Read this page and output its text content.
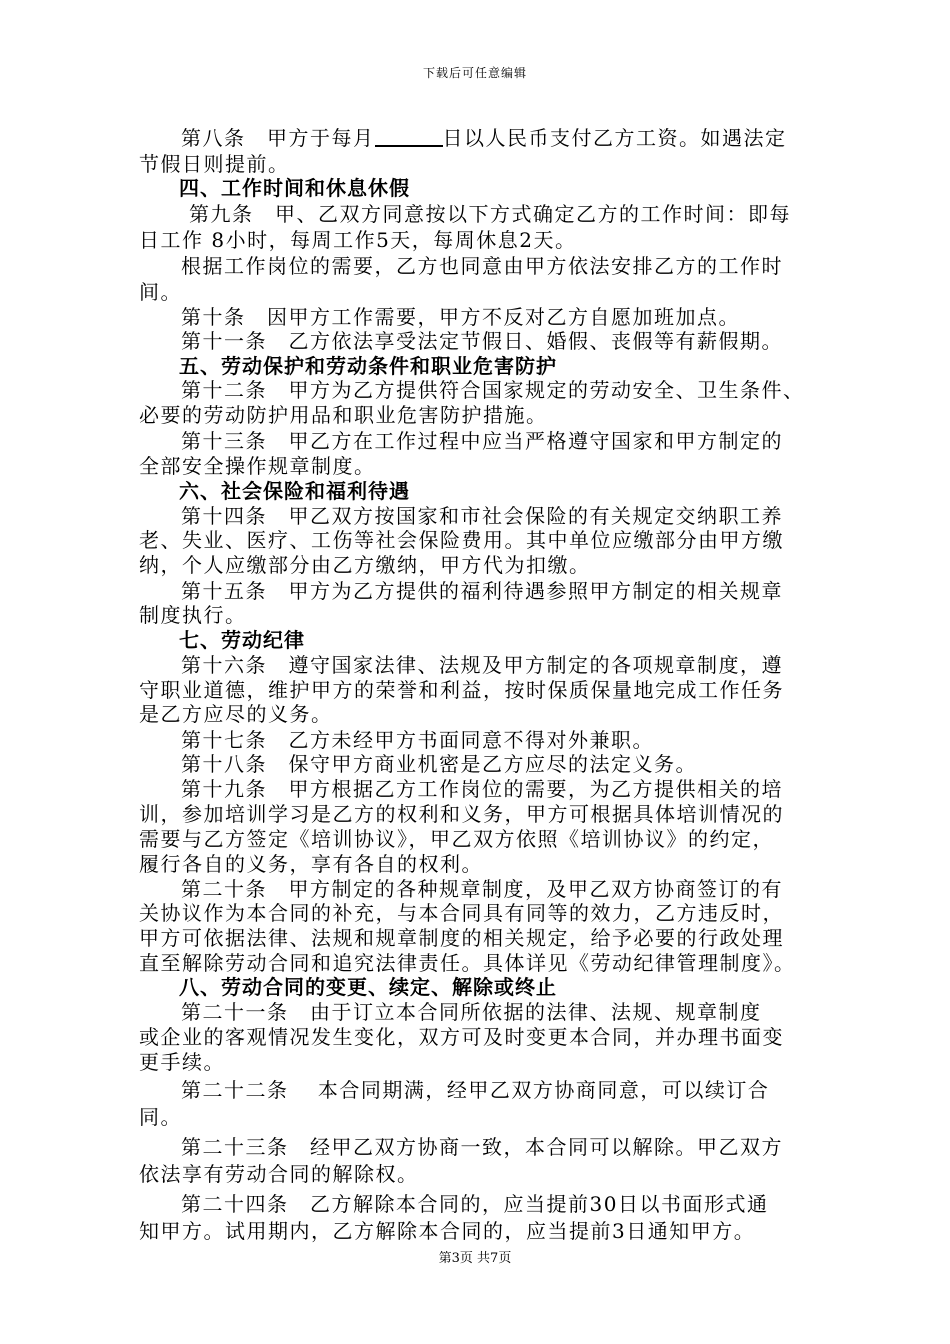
下载后可任意编辑
第八条　甲方于每月	日以人民币支付乙方工资。如遇法定
节假日则提前。
四、工作时间和休息休假
第九条　甲、乙双方同意按以下方式确定乙方的工作时间：即每
日工作 8小时，每周工作5天，每周休息2天。
根据工作岗位的需要，乙方也同意由甲方依法安排乙方的工作时
间。
第十条　因甲方工作需要，甲方不反对乙方自愿加班加点。
第十一条　乙方依法享受法定节假日、婚假、丧假等有薪假期。
五、劳动保护和劳动条件和职业危害防护
第十二条　甲方为乙方提供符合国家规定的劳动安全、卫生条件、
必要的劳动防护用品和职业危害防护措施。
第十三条　甲乙方在工作过程中应当严格遵守国家和甲方制定的
全部安全操作规章制度。
六、社会保险和福利待遇
第十四条　甲乙双方按国家和市社会保险的有关规定交纳职工养
老、失业、医疗、工伤等社会保险费用。其中单位应缴部分由甲方缴
纳，个人应缴部分由乙方缴纳，甲方代为扣缴。
第十五条　甲方为乙方提供的福利待遇参照甲方制定的相关规章
制度执行。
七、劳动纪律
第十六条　遵守国家法律、法规及甲方制定的各项规章制度，遵
守职业道德，维护甲方的荣誉和利益，按时保质保量地完成工作任务
是乙方应尽的义务。
第十七条　乙方未经甲方书面同意不得对外兼职。
第十八条　保守甲方商业机密是乙方应尽的法定义务。
第十九条　甲方根据乙方工作岗位的需要，为乙方提供相关的培
训，参加培训学习是乙方的权利和义务，甲方可根据具体培训情况的
需要与乙方签定《培训协议》，甲乙双方依照《培训协议》的约定，
履行各自的义务，享有各自的权利。
第二十条　甲方制定的各种规章制度，及甲乙双方协商签订的有
关协议作为本合同的补充，与本合同具有同等的效力，乙方违反时，
甲方可依据法律、法规和规章制度的相关规定，给予必要的行政处理
直至解除劳动合同和追究法律责任。具体详见《劳动纪律管理制度》。
八、劳动合同的变更、续定、解除或终止
第二十一条　由于订立本合同所依据的法律、法规、规章制度
或企业的客观情况发生变化，双方可及时变更本合同，并办理书面变
更手续。
第二十二条　 本合同期满，经甲乙双方协商同意，可以续订合
同。
第二十三条　经甲乙双方协商一致，本合同可以解除。甲乙双方
依法享有劳动合同的解除权。
第二十四条　乙方解除本合同的，应当提前30日以书面形式通
知甲方。试用期内，乙方解除本合同的，应当提前3日通知甲方。
第3页 共7页
